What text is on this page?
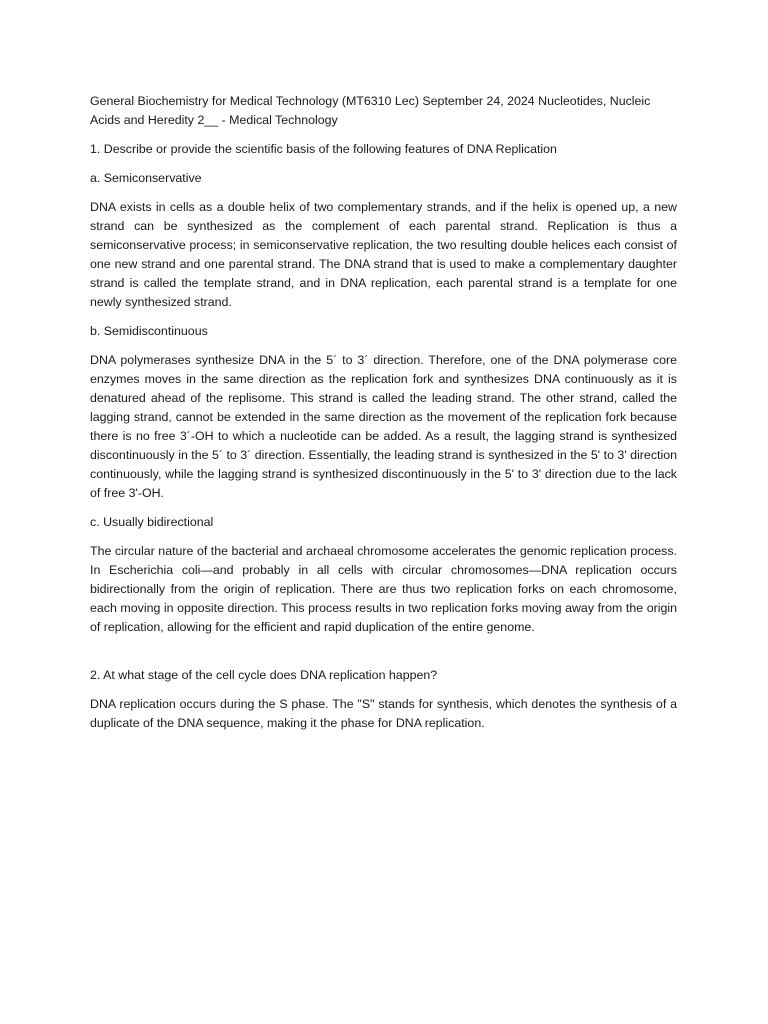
General Biochemistry for Medical Technology (MT6310 Lec) September 24, 2024 Nucleotides, Nucleic Acids and Heredity 2__ - Medical Technology

1. Describe or provide the scientific basis of the following features of DNA Replication

a. Semiconservative

DNA exists in cells as a double helix of two complementary strands, and if the helix is opened up, a new strand can be synthesized as the complement of each parental strand. Replication is thus a semiconservative process; in semiconservative replication, the two resulting double helices each consist of one new strand and one parental strand. The DNA strand that is used to make a complementary daughter strand is called the template strand, and in DNA replication, each parental strand is a template for one newly synthesized strand.

b. Semidiscontinuous

DNA polymerases synthesize DNA in the 5´ to 3´ direction. Therefore, one of the DNA polymerase core enzymes moves in the same direction as the replication fork and synthesizes DNA continuously as it is denatured ahead of the replisome. This strand is called the leading strand. The other strand, called the lagging strand, cannot be extended in the same direction as the movement of the replication fork because there is no free 3´-OH to which a nucleotide can be added. As a result, the lagging strand is synthesized discontinuously in the 5´ to 3´ direction. Essentially, the leading strand is synthesized in the 5' to 3' direction continuously, while the lagging strand is synthesized discontinuously in the 5' to 3' direction due to the lack of free 3'-OH.

c. Usually bidirectional

The circular nature of the bacterial and archaeal chromosome accelerates the genomic replication process. In Escherichia coli—and probably in all cells with circular chromosomes—DNA replication occurs bidirectionally from the origin of replication. There are thus two replication forks on each chromosome, each moving in opposite direction. This process results in two replication forks moving away from the origin of replication, allowing for the efficient and rapid duplication of the entire genome.

2. At what stage of the cell cycle does DNA replication happen?

DNA replication occurs during the S phase. The "S" stands for synthesis, which denotes the synthesis of a duplicate of the DNA sequence, making it the phase for DNA replication.
